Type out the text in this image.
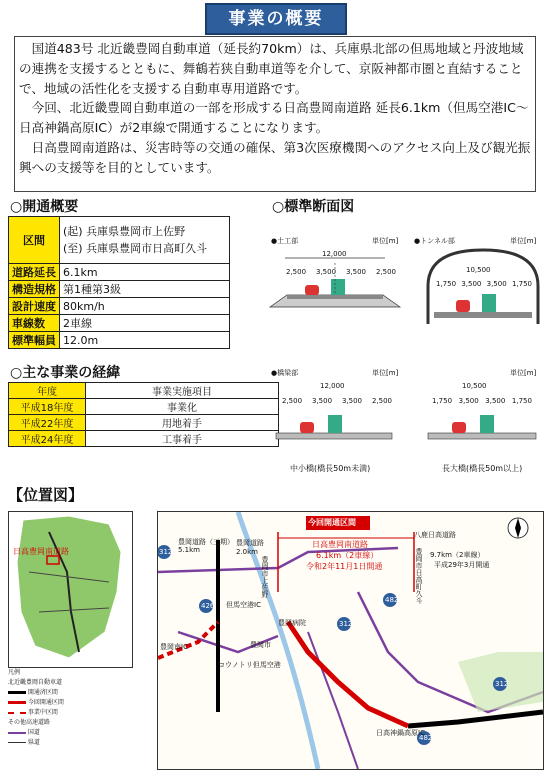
事業の概要

国道483号 北近畿豊岡自動車道（延長約70km）は、兵庫県北部の但馬地域と丹波地域の連携を支援するとともに、舞鶴若狭自動車道等を介して、京阪神都市圏と直結することで、地域の活性化を支援する自動車専用道路です。

今回、北近畿豊岡自動車道の一部を形成する日高豊岡南道路 延長6.1km（但馬空港IC～日高神鍋高原IC）が2車線で開通することになります。

日高豊岡南道路は、災害時等の交通の確保、第3次医療機関へのアクセス向上及び観光振興への支援等を目的としています。

○開通概要
区間	(起) 兵庫県豊岡市上佐野
(至) 兵庫県豊岡市日高町久斗

道路延長	6.1km
構造規格	第1種第3級
設計速度	80km/h
車線数	2車線
標準幅員	12.0m
○主な事業の経緯
年度	事業実施項目
平成18年度	事業化
平成22年度	用地着手
平成24年度	工事着手
○標準断面図
●土工部	単位[m]
12,000
2,500 3,500 3,500 2,500
●トンネル部	単位[m]
10,500
1,750 3,500 3,500 1,750
●橋梁部	単位[m]
12,000
2,500 3,500 3,500 2,500
中小橋(橋長50m未満)
単位[m]
10,500
1,750 3,500 3,500 1,750
長大橋(橋長50m以上)
【位置図】
日高豊岡南道路
凡例
北近畿豊岡自動車道
開通済区間
今回開通区間
事業中区間
その他高速道路
国道
県道
今回開通区間
日高豊岡南道路
6.1km（2車線）
令和2年11月1日開通
豊岡道路（三期）
5.1km
豊岡道路
2.0km
八鹿日高道路
9.7km（2車線）
平成29年3月開通
豊岡市上佐野	豊岡市日高町久斗
但馬空港IC
豊岡南IC
日高神鍋高原IC
豊岡市
豊岡病院
コウノトリ但馬空港
312
426
312
482
482
312
